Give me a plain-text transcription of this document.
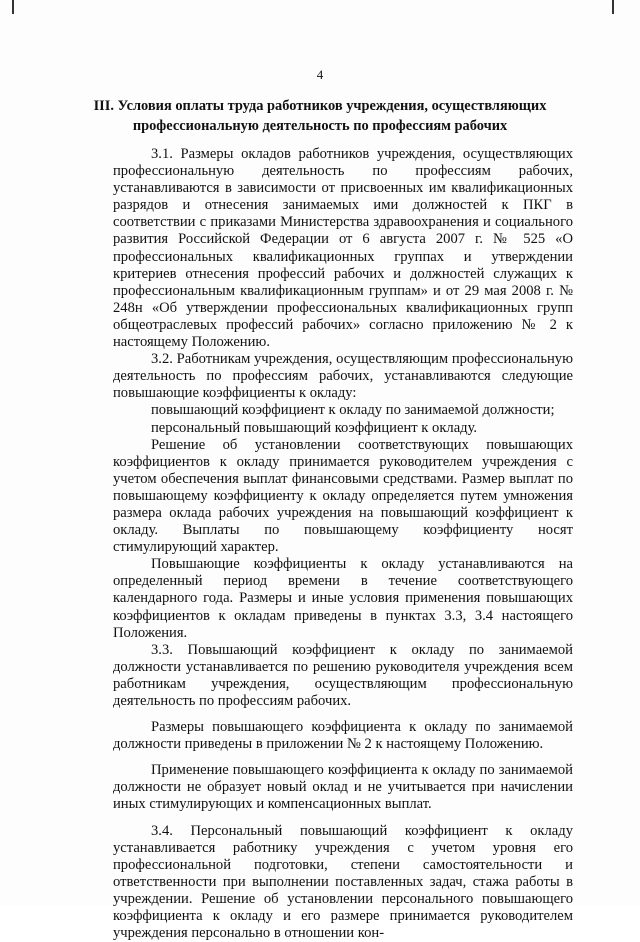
4
III. Условия оплаты труда работников учреждения, осуществляющих профессиональную деятельность по профессиям рабочих

3.1. Размеры окладов работников учреждения, осуществляющих профессиональную деятельность по профессиям рабочих, устанавливаются в зависимости от присвоенных им квалификационных разрядов и отнесения занимаемых ими должностей к ПКГ в соответствии с приказами Министерства здравоохранения и социального развития Российской Федерации от 6 августа 2007 г. № 525 «О профессиональных квалификационных группах и утверждении критериев отнесения профессий рабочих и должностей служащих к профессиональным квалификационным группам» и от 29 мая 2008 г. № 248н «Об утверждении профессиональных квалификационных групп общеотраслевых профессий рабочих» согласно приложению № 2 к настоящему Положению.

3.2. Работникам учреждения, осуществляющим профессиональную деятельность по профессиям рабочих, устанавливаются следующие повышающие коэффициенты к окладу:

повышающий коэффициент к окладу по занимаемой должности;

персональный повышающий коэффициент к окладу.

Решение об установлении соответствующих повышающих коэффициентов к окладу принимается руководителем учреждения с учетом обеспечения выплат финансовыми средствами. Размер выплат по повышающему коэффициенту к окладу определяется путем умножения размера оклада рабочих учреждения на повышающий коэффициент к окладу. Выплаты по повышающему коэффициенту носят стимулирующий характер.

Повышающие коэффициенты к окладу устанавливаются на определенный период времени в течение соответствующего календарного года. Размеры и иные условия применения повышающих коэффициентов к окладам приведены в пунктах 3.3, 3.4 настоящего Положения.

3.3. Повышающий коэффициент к окладу по занимаемой должности устанавливается по решению руководителя учреждения всем работникам учреждения, осуществляющим профессиональную деятельность по профессиям рабочих.

Размеры повышающего коэффициента к окладу по занимаемой должности приведены в приложении № 2 к настоящему Положению.

Применение повышающего коэффициента к окладу по занимаемой должности не образует новый оклад и не учитывается при начислении иных стимулирующих и компенсационных выплат.

3.4. Персональный повышающий коэффициент к окладу устанавливается работнику учреждения с учетом уровня его профессиональной подготовки, степени самостоятельности и ответственности при выполнении поставленных задач, стажа работы в учреждении. Решение об установлении персонального повышающего коэффициента к окладу и его размере принимается руководителем учреждения персонально в отношении кон-
